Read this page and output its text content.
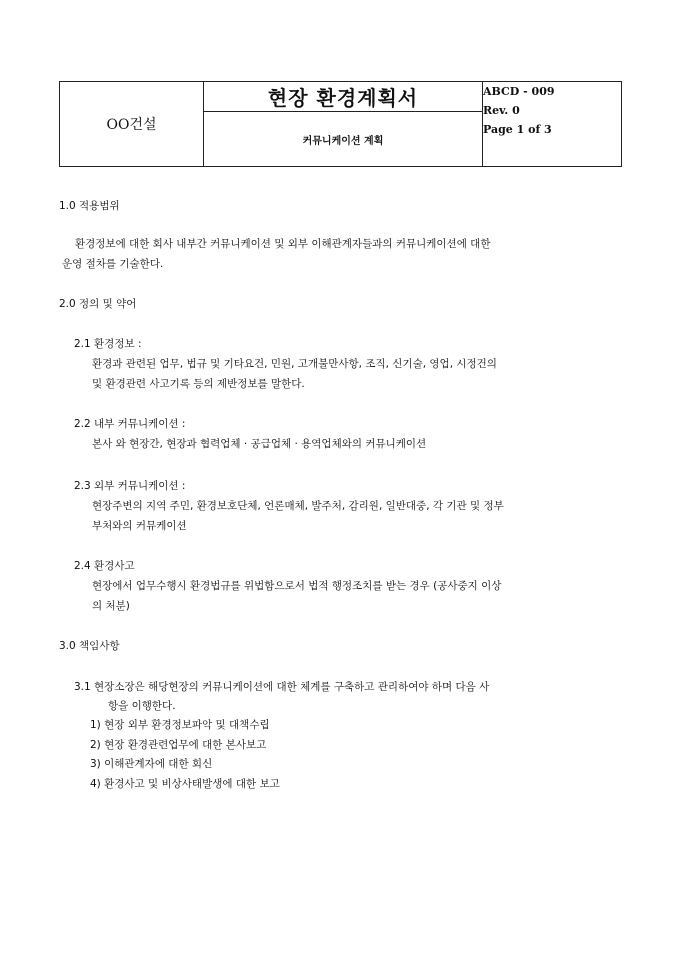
OO건설	현장 환경계획서	ABCD - 009
Rev. 0
Page 1 of 3

커뮤니케이션 계획
1.0 적용범위
환경정보에 대한 회사 내부간 커뮤니케이션 및 외부 이해관계자들과의 커뮤니케이션에 대한
운영 절차를 기술한다.
2.0 정의 및 약어
2.1 환경정보 :
환경과 관련된 업무, 법규 및 기타요건, 민원, 고개불만사항, 조직, 신기술, 영업, 시정건의
및 환경관련 사고기록 등의 제반정보를 말한다.
2.2 내부 커뮤니케이션 :
본사 와 현장간, 현장과 협력업체 · 공급업체 · 용역업체와의 커뮤니케이션
2.3 외부 커뮤니케이션 :
현장주변의 지역 주민, 환경보호단체, 언론매체, 발주처, 감리원, 일반대중, 각 기관 및 정부
부처와의 커뮤케이션
2.4 환경사고
현장에서 업무수행시 환경법규를 위법함으로서 법적 행정조치를 받는 경우 (공사중지 이상
의 처분)
3.0 책임사항
3.1 현장소장은 해당현장의 커뮤니케이션에 대한 체계를 구축하고 관리하여야 하며 다음 사
항을 이행한다.
1) 현장 외부 환경정보파악 및 대책수립
2) 현장 환경관련업무에 대한 본사보고
3) 이해관계자에 대한 회신
4) 환경사고 및 비상사태발생에 대한 보고
